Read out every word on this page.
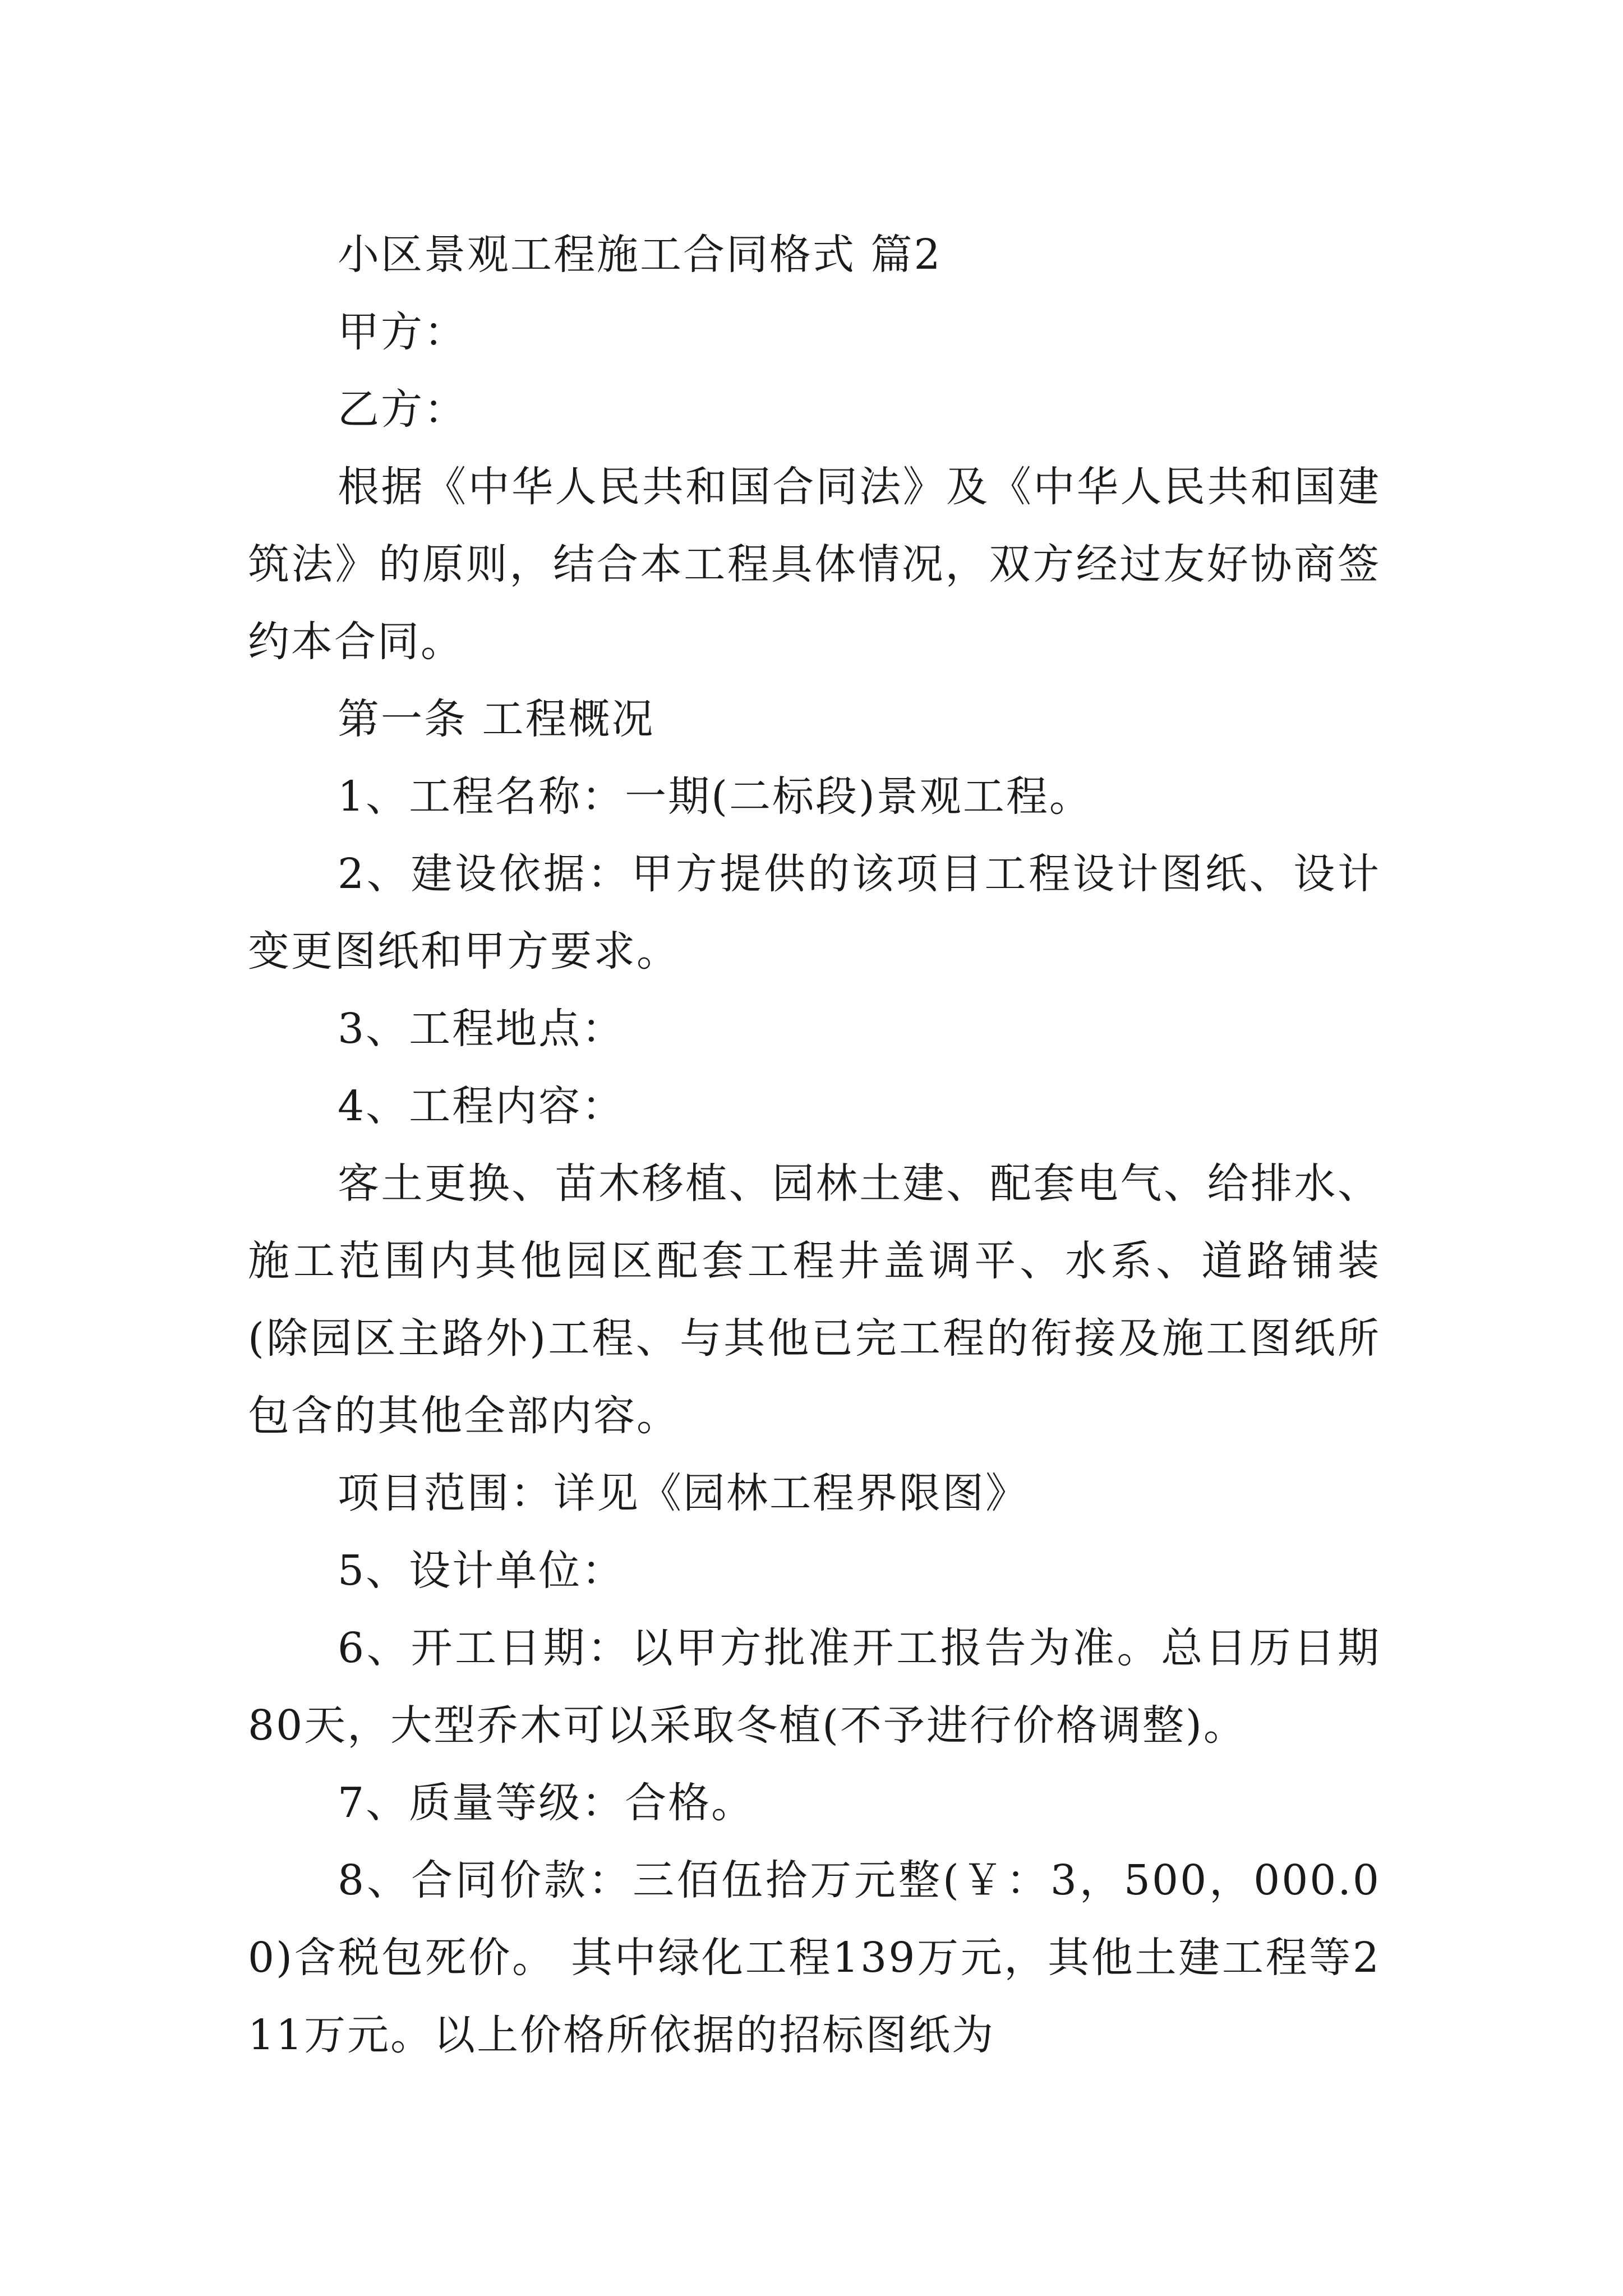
小区景观工程施工合同格式 篇2

甲方：

乙方：

根据《中华人民共和国合同法》及《中华人民共和国建筑法》的原则，结合本工程具体情况，双方经过友好协商签约本合同。

第一条 工程概况

1、工程名称：一期(二标段)景观工程。

2、建设依据：甲方提供的该项目工程设计图纸、设计变更图纸和甲方要求。

3、工程地点：

4、工程内容：

客土更换、苗木移植、园林土建、配套电气、给排水、施工范围内其他园区配套工程井盖调平、水系、道路铺装(除园区主路外)工程、与其他已完工程的衔接及施工图纸所包含的其他全部内容。

项目范围：详见《园林工程界限图》

5、设计单位：

6、开工日期：以甲方批准开工报告为准。总日历日期80天，大型乔木可以采取冬植(不予进行价格调整)。

7、质量等级：合格。

8、合同价款：三佰伍拾万元整(￥：3，500，000.00)含税包死价。 其中绿化工程139万元，其他土建工程等211万元。以上价格所依据的招标图纸为
